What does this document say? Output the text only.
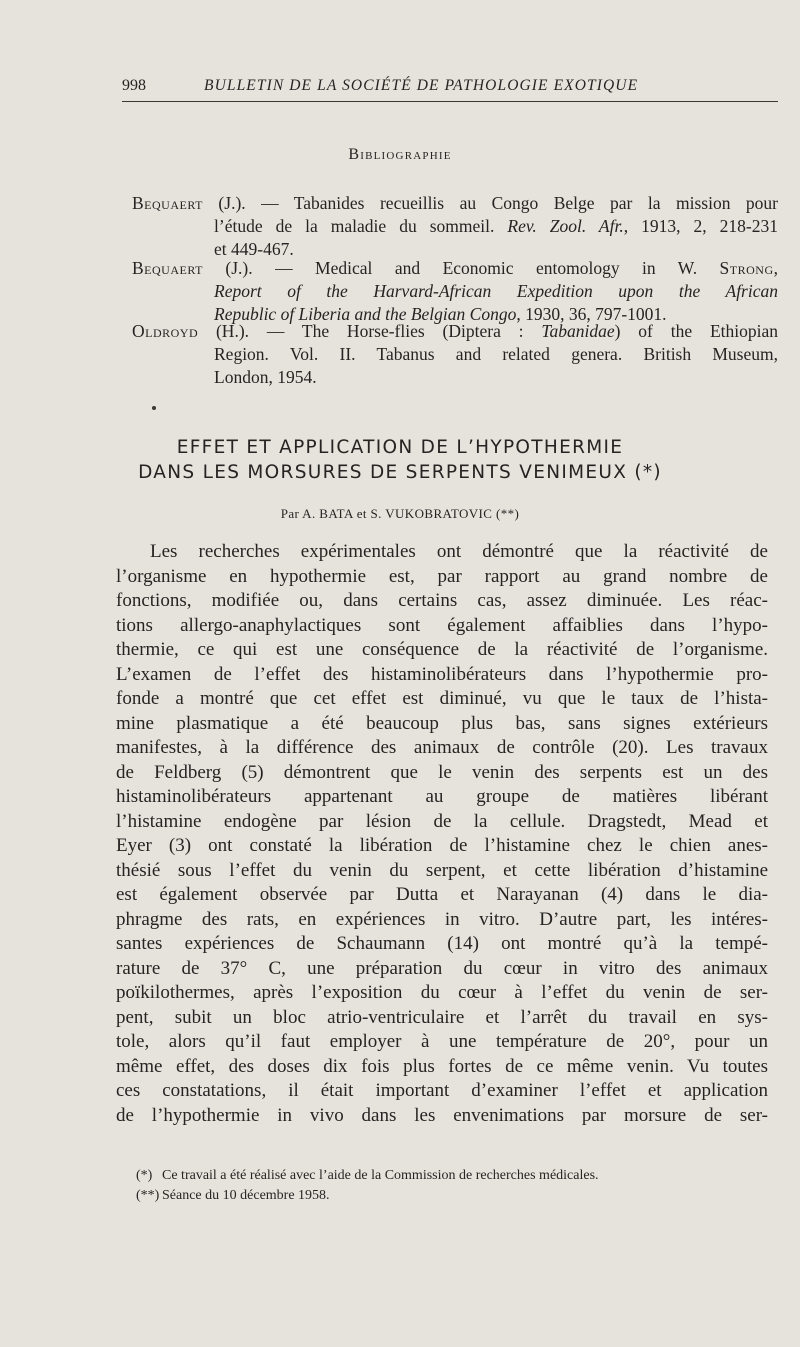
998	BULLETIN DE LA SOCIÉTÉ DE PATHOLOGIE EXOTIQUE
Bibliographie
Bequaert (J.). — Tabanides recueillis au Congo Belge par la mission pour
l’étude de la maladie du sommeil. Rev. Zool. Afr., 1913, 2, 218-231
et 449-467.
Bequaert (J.). — Medical and Economic entomology in W. Strong,
Report of the Harvard-African Expedition upon the African
Republic of Liberia and the Belgian Congo, 1930, 36, 797-1001.
Oldroyd (H.). — The Horse-flies (Diptera : Tabanidae) of the Ethiopian
Region. Vol. II. Tabanus and related genera. British Museum,
London, 1954.
EFFET ET APPLICATION DE L’HYPOTHERMIE
DANS LES MORSURES DE SERPENTS VENIMEUX (*)
Par A. BATA et S. VUKOBRATOVIC (**)
Les recherches expérimentales ont démontré que la réactivité de
l’organisme en hypothermie est, par rapport au grand nombre de
fonctions, modifiée ou, dans certains cas, assez diminuée. Les réac-
tions allergo-anaphylactiques sont également affaiblies dans l’hypo-
thermie, ce qui est une conséquence de la réactivité de l’organisme.
L’examen de l’effet des histaminolibérateurs dans l’hypothermie pro-
fonde a montré que cet effet est diminué, vu que le taux de l’hista-
mine plasmatique a été beaucoup plus bas, sans signes extérieurs
manifestes, à la différence des animaux de contrôle (20). Les travaux
de Feldberg (5) démontrent que le venin des serpents est un des
histaminolibérateurs appartenant au groupe de matières libérant
l’histamine endogène par lésion de la cellule. Dragstedt, Mead et
Eyer (3) ont constaté la libération de l’histamine chez le chien anes-
thésié sous l’effet du venin du serpent, et cette libération d’histamine
est également observée par Dutta et Narayanan (4) dans le dia-
phragme des rats, en expériences in vitro. D’autre part, les intéres-
santes expériences de Schaumann (14) ont montré qu’à la tempé-
rature de 37° C, une préparation du cœur in vitro des animaux
poïkilothermes, après l’exposition du cœur à l’effet du venin de ser-
pent, subit un bloc atrio-ventriculaire et l’arrêt du travail en sys-
tole, alors qu’il faut employer à une température de 20°, pour un
même effet, des doses dix fois plus fortes de ce même venin. Vu toutes
ces constatations, il était important d’examiner l’effet et application
de l’hypothermie in vivo dans les envenimations par morsure de ser-
(*) Ce travail a été réalisé avec l’aide de la Commission de recherches médicales.
(**) Séance du 10 décembre 1958.
